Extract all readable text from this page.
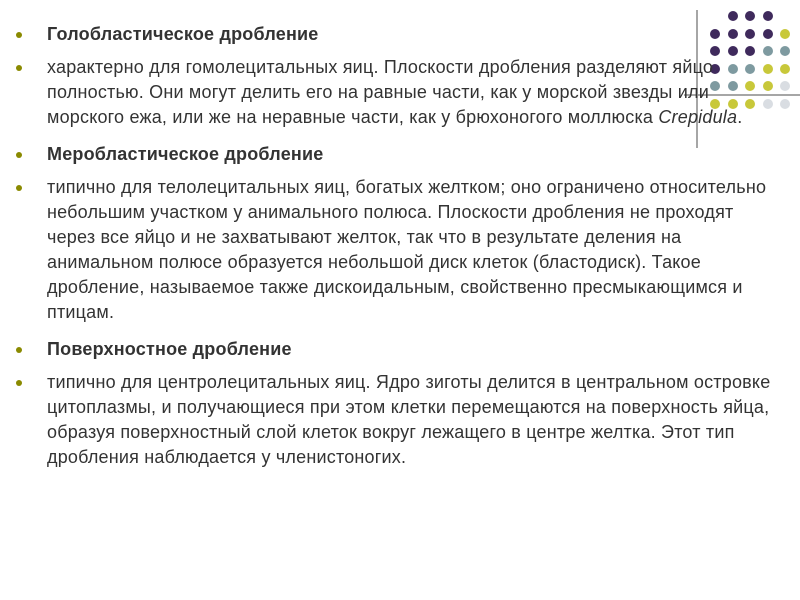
Голобластическое дробление
характерно для гомолецитальных яиц. Плоскости дробления разделяют яйцо полностью. Они могут делить его на равные части, как у морской звезды или морского ежа, или же на неравные части, как у брюхоногого моллюска Crepidula.
Меробластическое дробление
типично для телолецитальных яиц, богатых желтком; оно ограничено относительно небольшим участком у анимального полюса. Плоскости дробления не проходят через все яйцо и не захватывают желток, так что в результате деления на анимальном полюсе образуется небольшой диск клеток (бластодиск). Такое дробление, называемое также дискоидальным, свойственно пресмыкающимся и птицам.
Поверхностное дробление
типично для центролецитальных яиц. Ядро зиготы делится в центральном островке цитоплазмы, и получающиеся при этом клетки перемещаются на поверхность яйца, образуя поверхностный слой клеток вокруг лежащего в центре желтка. Этот тип дробления наблюдается у членистоногих.
